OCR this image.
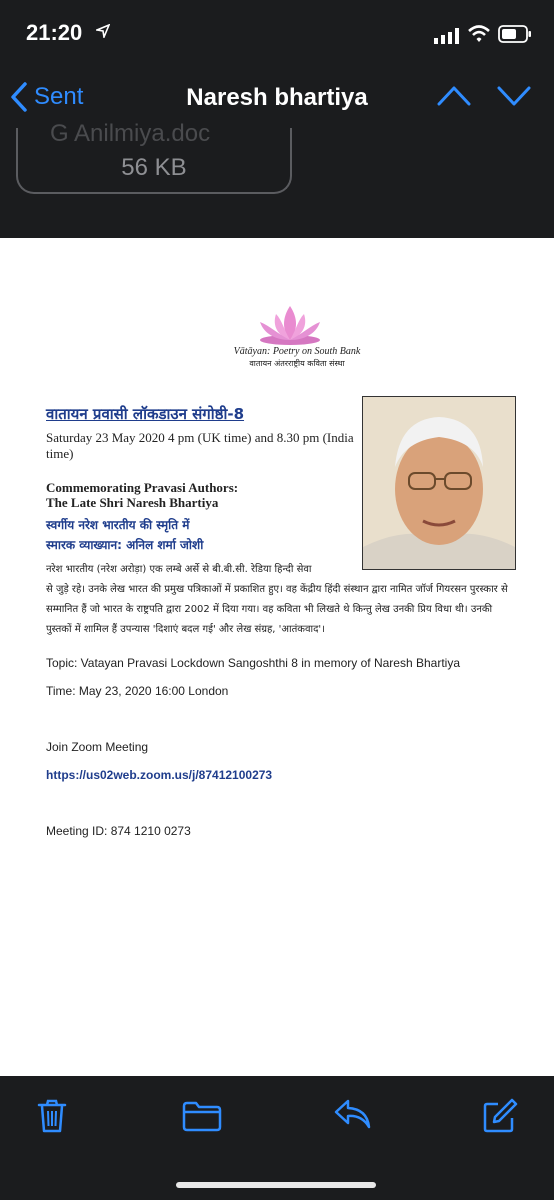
21:20
Sent	Naresh bhartiya
G Anilmiya.doc
56 KB
Vātāyan: Poetry on South Bank
वातायन अंतरराष्ट्रीय कविता संस्था
वातायन प्रवासी लॉकडाउन संगोष्ठी-8
Saturday 23 May 2020 4 pm (UK time) and 8.30 pm (India time)
Commemorating Pravasi Authors:
The Late Shri Naresh Bhartiya
स्वर्गीय नरेश भारतीय की स्मृति में
स्मारक व्याख्यान: अनिल शर्मा जोशी
नरेश भारतीय (नरेश अरोड़ा) एक लम्बे अर्से से बी.बी.सी. रेडिया हिन्दी सेवा
से जुड़े रहे। उनके लेख भारत की प्रमुख पत्रिकाओं में प्रकाशित हुए। वह केंद्रीय हिंदी संस्थान द्वारा नामित जॉर्ज गियरसन पुरस्कार से सम्मानित हैं जो भारत के राष्ट्रपति द्वारा 2002 में दिया गया। वह कविता भी लिखते थे किन्तु लेख उनकी प्रिय विधा थी। उनकी पुस्तकों में शामिल हैं उपन्यास 'दिशाएं बदल गई' और लेख संग्रह, 'आतंकवाद'।
Topic: Vatayan Pravasi Lockdown Sangoshthi 8 in memory of Naresh Bhartiya
Time: May 23, 2020 16:00 London
Join Zoom Meeting
https://us02web.zoom.us/j/87412100273
Meeting ID: 874 1210 0273
